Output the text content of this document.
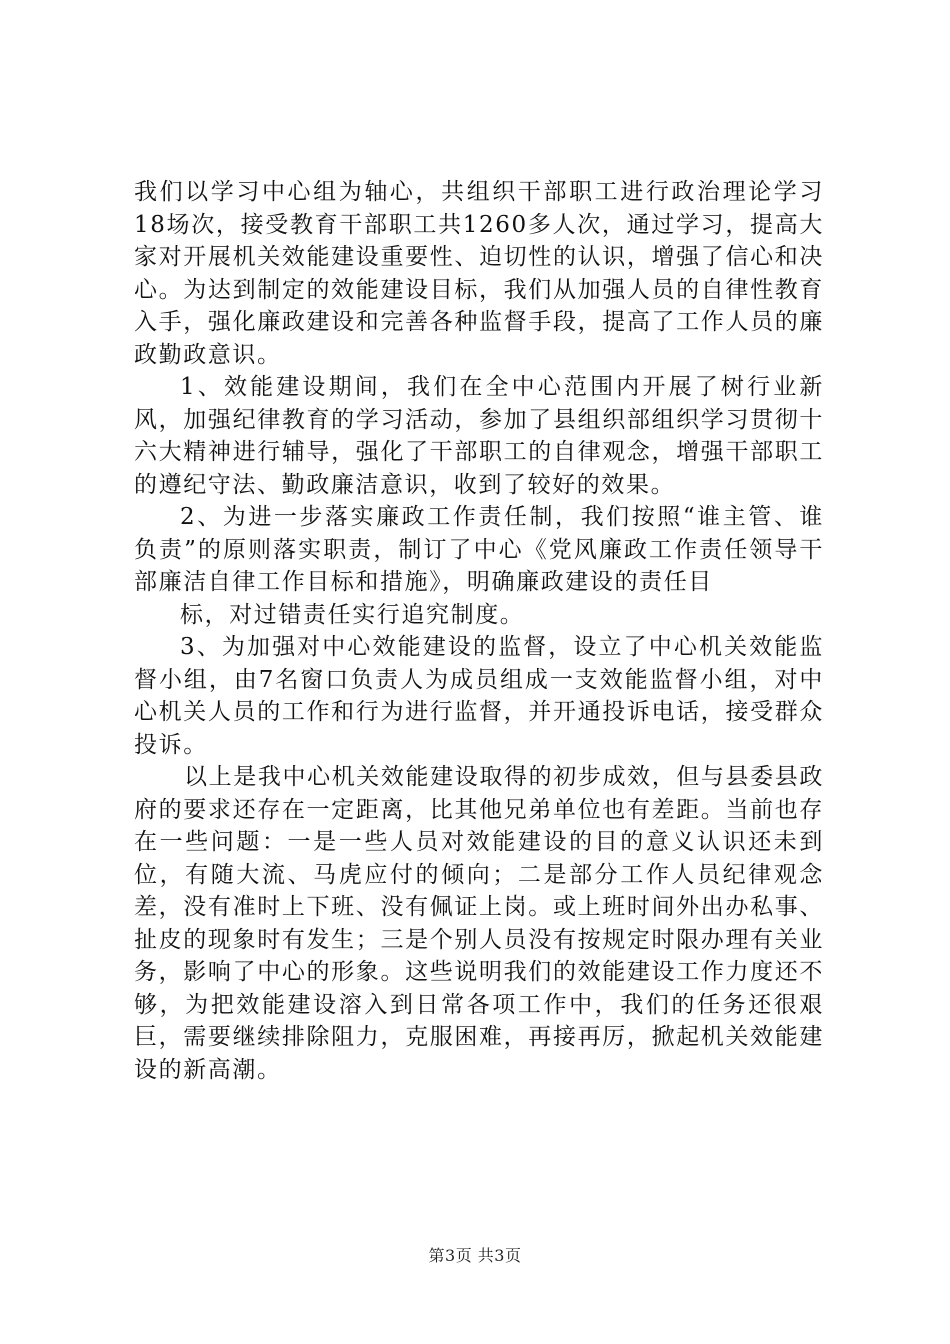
我们以学习中心组为轴心，共组织干部职工进行政治理论学习18场次，接受教育干部职工共1260多人次，通过学习，提高大家对开展机关效能建设重要性、迫切性的认识，增强了信心和决心。为达到制定的效能建设目标，我们从加强人员的自律性教育入手，强化廉政建设和完善各种监督手段，提高了工作人员的廉政勤政意识。

1、效能建设期间，我们在全中心范围内开展了树行业新风，加强纪律教育的学习活动，参加了县组织部组织学习贯彻十六大精神进行辅导，强化了干部职工的自律观念，增强干部职工的遵纪守法、勤政廉洁意识，收到了较好的效果。

2、为进一步落实廉政工作责任制，我们按照“谁主管、谁负责”的原则落实职责，制订了中心《党风廉政工作责任领导干部廉洁自律工作目标和措施》，明确廉政建设的责任目

标，对过错责任实行追究制度。

3、为加强对中心效能建设的监督，设立了中心机关效能监督小组，由7名窗口负责人为成员组成一支效能监督小组，对中心机关人员的工作和行为进行监督，并开通投诉电话，接受群众投诉。

以上是我中心机关效能建设取得的初步成效，但与县委县政府的要求还存在一定距离，比其他兄弟单位也有差距。当前也存在一些问题：一是一些人员对效能建设的目的意义认识还未到位，有随大流、马虎应付的倾向；二是部分工作人员纪律观念差，没有准时上下班、没有佩证上岗。或上班时间外出办私事、扯皮的现象时有发生；三是个别人员没有按规定时限办理有关业务，影响了中心的形象。这些说明我们的效能建设工作力度还不够，为把效能建设溶入到日常各项工作中，我们的任务还很艰巨，需要继续排除阻力，克服困难，再接再厉，掀起机关效能建设的新高潮。

第3页 共3页
